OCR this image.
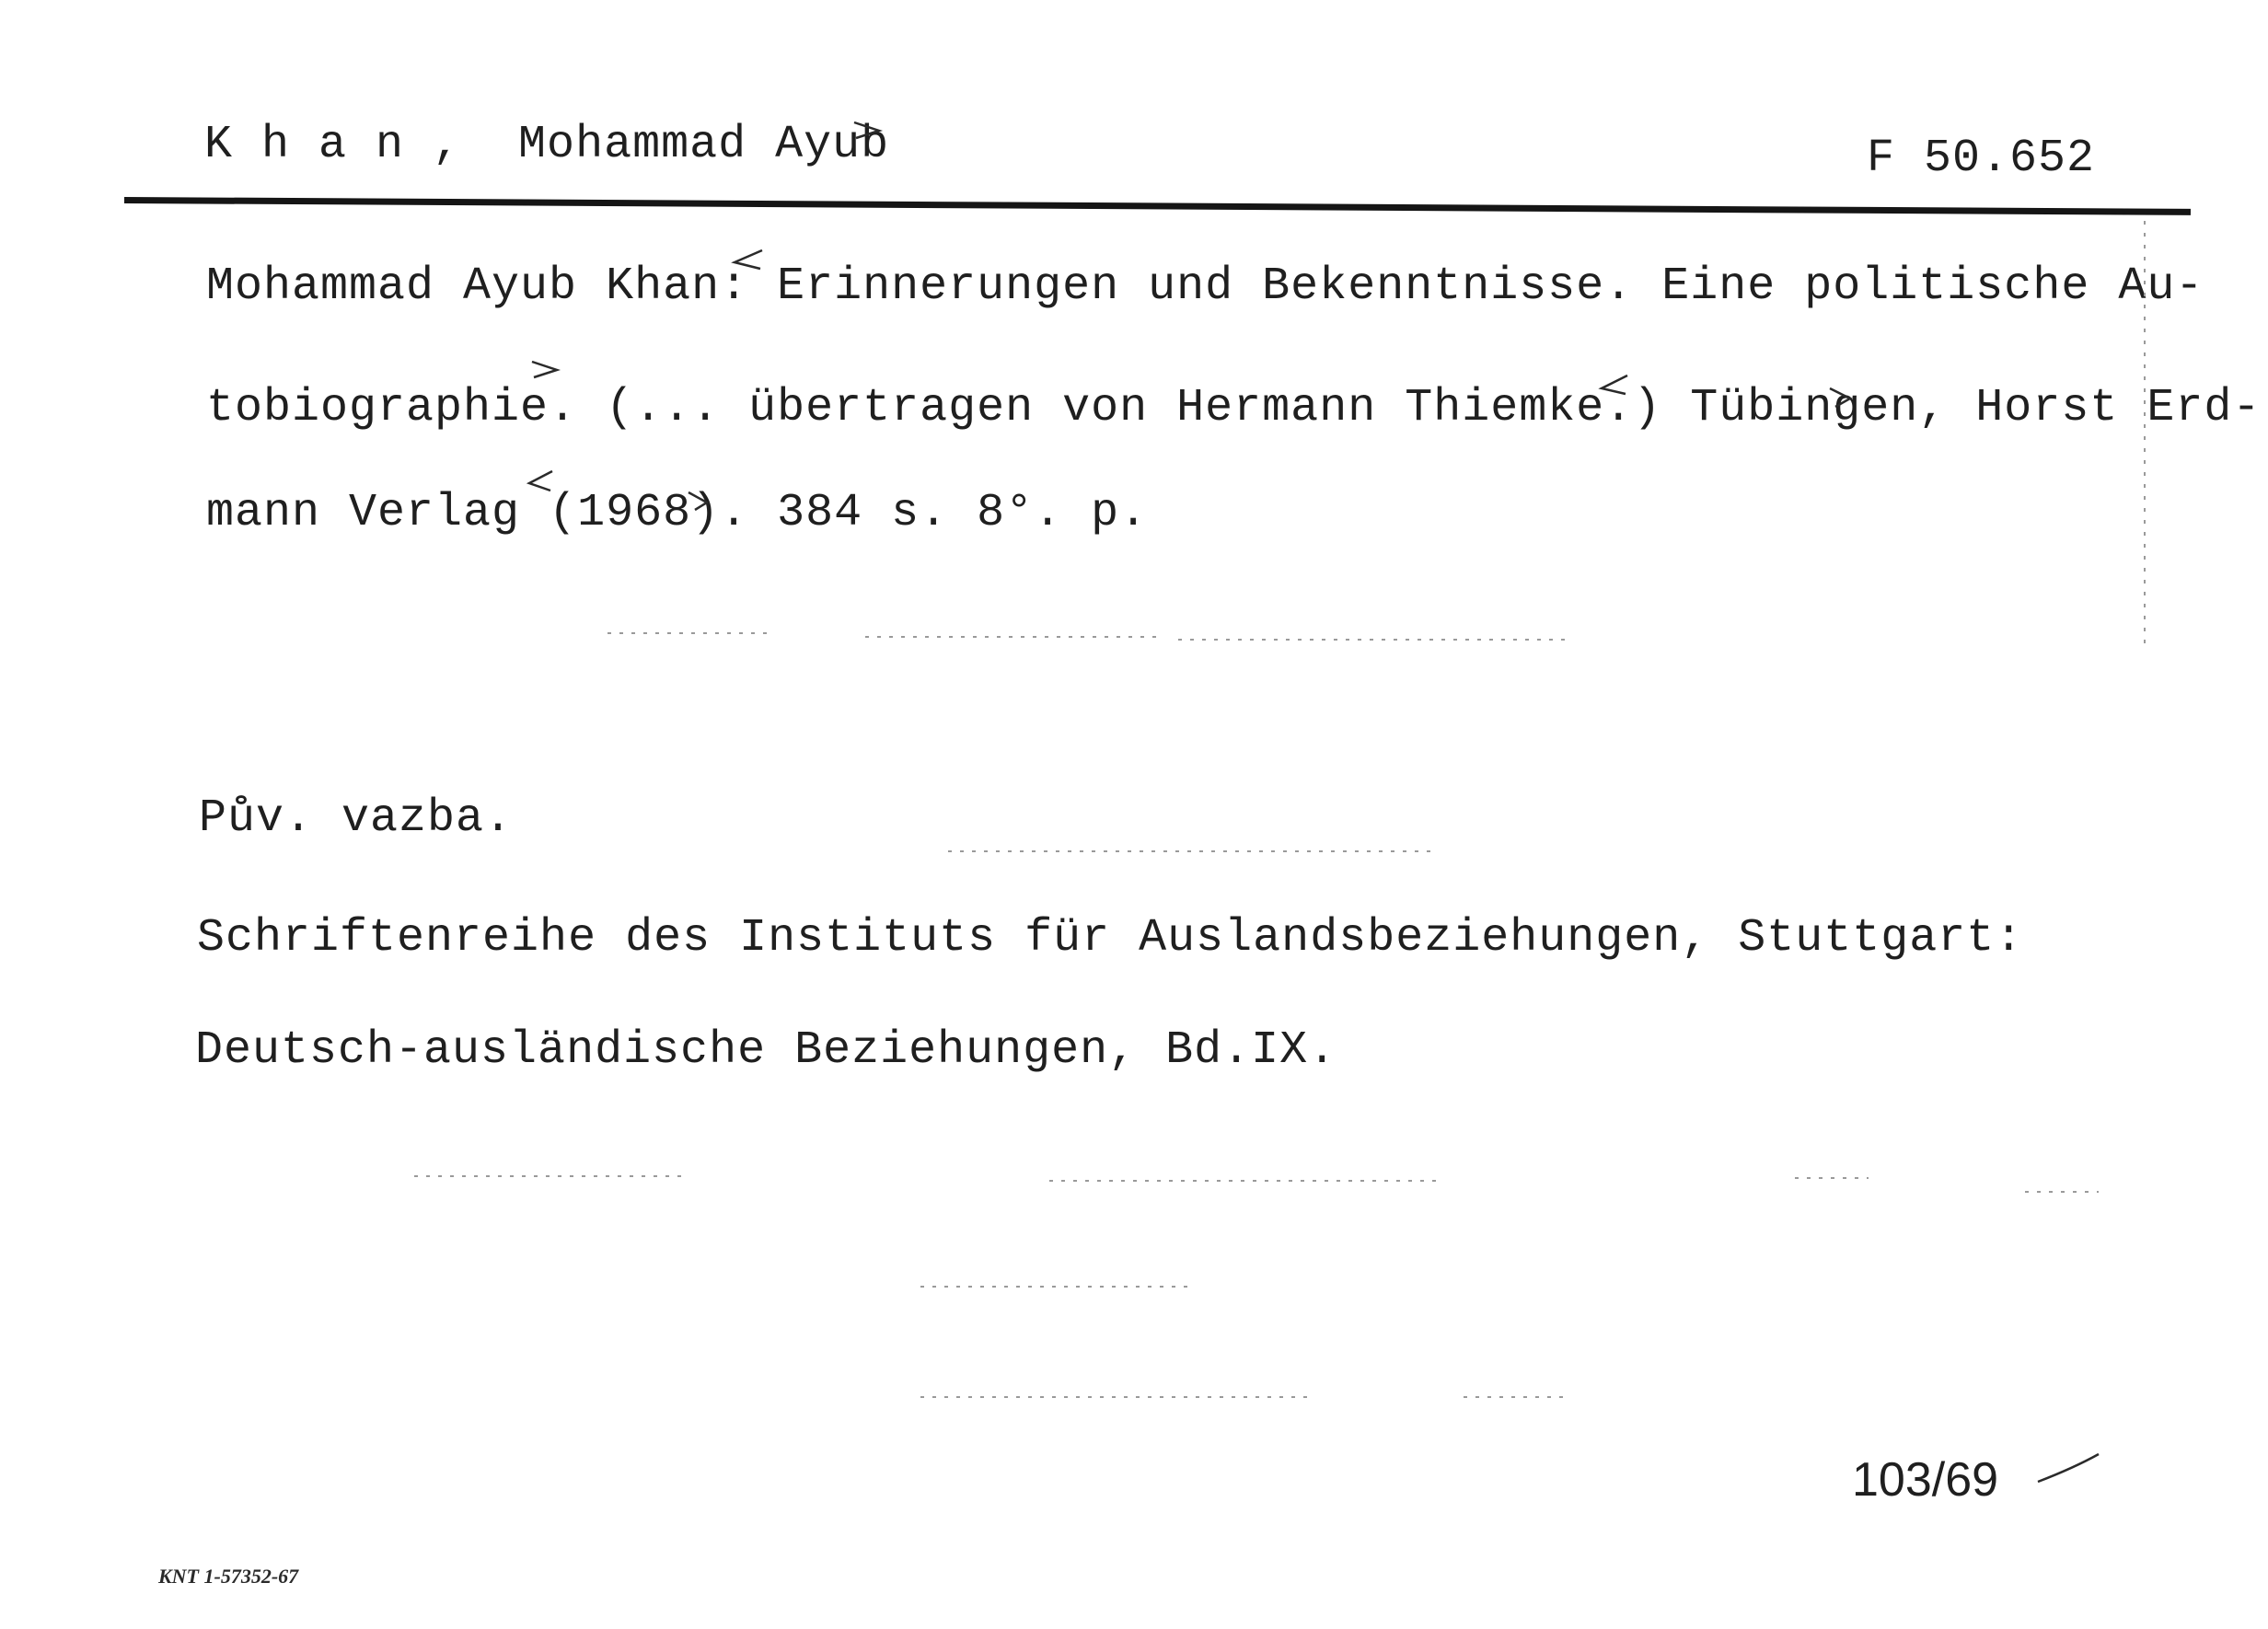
K h a n ,  Mohammad Ayub	F 50.652
Mohammad Ayub Khan: Erinnerungen und Bekenntnisse. Eine politische Au-
tobiographie. (... übertragen von Hermann Thiemke.) Tübingen, Horst Erd-
mann Verlag (1968). 384 s. 8°. p.
Pův. vazba.
Schriftenreihe des Instituts für Auslandsbeziehungen, Stuttgart:
Deutsch-ausländische Beziehungen, Bd.IX.
103/69
KNT 1-57352-67
